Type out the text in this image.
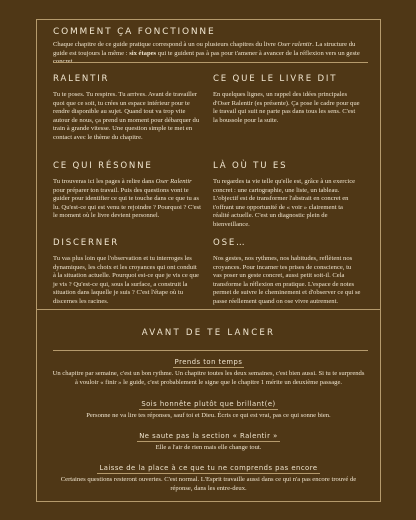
COMMENT ÇA FONCTIONNE
Chaque chapitre de ce guide pratique correspond à un ou plusieurs chapitres du livre Oser ralentir. La structure du guide est toujours la même : six étapes qui te guident pas à pas pour t'amener à avancer de la réflexion vers un geste concret.
RALENTIR

Tu te poses. Tu respires. Tu arrives. Avant de travailler quoi que ce soit, tu crées un espace intérieur pour te rendre disponible au sujet. Quand tout va trop vite autour de nous, ça prend un moment pour débarquer du train à grande vitesse. Une question simple te met en contact avec le thème du chapitre.

CE QUE LE LIVRE DIT

En quelques lignes, un rappel des idées principales d'Oser Ralentir (es présente). Ça pose le cadre pour que le travail qui suit ne parte pas dans tous les sens. C'est la boussole pour la suite.

CE QUI RÉSONNE

Tu trouveras ici les pages à relire dans Oser Ralentir pour préparer ton travail. Puis des questions vont te guider pour identifier ce qui te touche dans ce que tu as lu. Qu'est-ce qui est venu te rejoindre ? Pourquoi ? C'est le moment où le livre devient personnel.

LÀ OÙ TU ES

Tu regardes ta vie telle qu'elle est, grâce à un exercice concret : une cartographie, une liste, un tableau. L'objectif est de transformer l'abstrait en concret en t'offrant une opportunité de « voir » clairement ta réalité actuelle. C'est un diagnostic plein de bienveillance.

DISCERNER

Tu vas plus loin que l'observation et tu interroges les dynamiques, les choix et les croyances qui ont conduit à la situation actuelle. Pourquoi est-ce que je vis ce que je vis ? Qu'est-ce qui, sous la surface, a construit la situation dans laquelle je suis ? C'est l'étape où tu discernes les racines.

OSE…

Nos gestes, nos rythmes, nos habitudes, reflètent nos croyances. Pour incarner tes prises de conscience, tu vas poser un geste concret, aussi petit soit-il. Cela transforme la réflexion en pratique. L'espace de notes permet de suivre le cheminement et d'observer ce qui se passe réellement quand on ose vivre autrement.

AVANT DE TE LANCER
Prends ton temps

Un chapitre par semaine, c'est un bon rythme. Un chapitre toutes les deux semaines, c'est bien aussi. Si tu te surprends à vouloir « finir » le guide, c'est probablement le signe que le chapitre 1 mérite un deuxième passage.

Sois honnête plutôt que brillant(e)

Personne ne va lire tes réponses, sauf toi et Dieu. Écris ce qui est vrai, pas ce qui sonne bien.

Ne saute pas la section « Ralentir »

Elle a l'air de rien mais elle change tout.

Laisse de la place à ce que tu ne comprends pas encore

Certaines questions resteront ouvertes. C'est normal. L'Esprit travaille aussi dans ce qui n'a pas encore trouvé de réponse, dans les entre-deux.
